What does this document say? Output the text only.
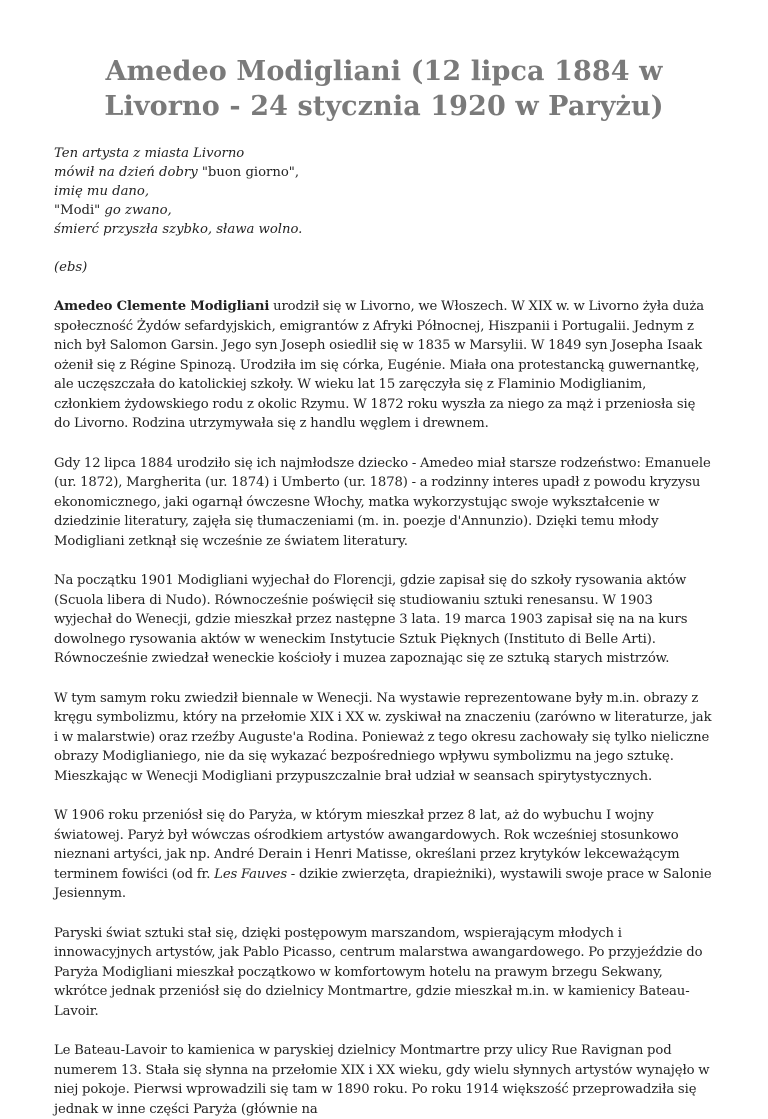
Amedeo Modigliani (12 lipca 1884 w Livorno - 24 stycznia 1920 w Paryżu)
Ten artysta z miasta Livorno
mówił na dzień dobry "buon giorno",
imię mu dano,
"Modi" go zwano,
śmierć przyszła szybko, sława wolno.
(ebs)

Amedeo Clemente Modigliani urodził się w Livorno, we Włoszech. W XIX w. w Livorno żyła duża społeczność Żydów sefardyjskich, emigrantów z Afryki Północnej, Hiszpanii i Portugalii. Jednym z nich był Salomon Garsin. Jego syn Joseph osiedlił się w 1835 w Marsylii. W 1849 syn Josepha Isaak ożenił się z Régine Spinozą. Urodziła im się córka, Eugénie. Miała ona protestancką guwernantkę, ale uczęszczała do katolickiej szkoły. W wieku lat 15 zaręczyła się z Flaminio Modiglianim, członkiem żydowskiego rodu z okolic Rzymu. W 1872 roku wyszła za niego za mąż i przeniosła się do Livorno. Rodzina utrzymywała się z handlu węglem i drewnem.

Gdy 12 lipca 1884 urodziło się ich najmłodsze dziecko - Amedeo miał starsze rodzeństwo: Emanuele (ur. 1872), Margherita (ur. 1874) i Umberto (ur. 1878) - a rodzinny interes upadł z powodu kryzysu ekonomicznego, jaki ogarnął ówczesne Włochy, matka wykorzystując swoje wykształcenie w dziedzinie literatury, zajęła się tłumaczeniami (m. in. poezje d'Annunzio). Dzięki temu młody Modigliani zetknął się wcześnie ze światem literatury.

Na początku 1901 Modigliani wyjechał do Florencji, gdzie zapisał się do szkoły rysowania aktów (Scuola libera di Nudo). Równocześnie poświęcił się studiowaniu sztuki renesansu. W 1903 wyjechał do Wenecji, gdzie mieszkał przez następne 3 lata. 19 marca 1903 zapisał się na na kurs dowolnego rysowania aktów w weneckim Instytucie Sztuk Pięknych (Instituto di Belle Arti). Równocześnie zwiedzał weneckie kościoły i muzea zapoznając się ze sztuką starych mistrzów.

W tym samym roku zwiedził biennale w Wenecji. Na wystawie reprezentowane były m.in. obrazy z kręgu symbolizmu, który na przełomie XIX i XX w. zyskiwał na znaczeniu (zarówno w literaturze, jak i w malarstwie) oraz rzeźby Auguste'a Rodina. Ponieważ z tego okresu zachowały się tylko nieliczne obrazy Modiglianiego, nie da się wykazać bezpośredniego wpływu symbolizmu na jego sztukę. Mieszkając w Wenecji Modigliani przypuszczalnie brał udział w seansach spirytystycznych.

W 1906 roku przeniósł się do Paryża, w którym mieszkał przez 8 lat, aż do wybuchu I wojny światowej. Paryż był wówczas ośrodkiem artystów awangardowych. Rok wcześniej stosunkowo nieznani artyści, jak np. André Derain i Henri Matisse, określani przez krytyków lekceważącym terminem fowiści (od fr. Les Fauves - dzikie zwierzęta, drapieżniki), wystawili swoje prace w Salonie Jesiennym.

Paryski świat sztuki stał się, dzięki postępowym marszandom, wspierającym młodych i innowacyjnych artystów, jak Pablo Picasso, centrum malarstwa awangardowego. Po przyjeździe do Paryża Modigliani mieszkał początkowo w komfortowym hotelu na prawym brzegu Sekwany, wkrótce jednak przeniósł się do dzielnicy Montmartre, gdzie mieszkał m.in. w kamienicy Bateau-Lavoir.

Le Bateau-Lavoir to kamienica w paryskiej dzielnicy Montmartre przy ulicy Rue Ravignan pod numerem 13. Stała się słynna na przełomie XIX i XX wieku, gdy wielu słynnych artystów wynajęło w niej pokoje. Pierwsi wprowadzili się tam w 1890 roku. Po roku 1914 większość przeprowadziła się jednak w inne części Paryża (głównie na
